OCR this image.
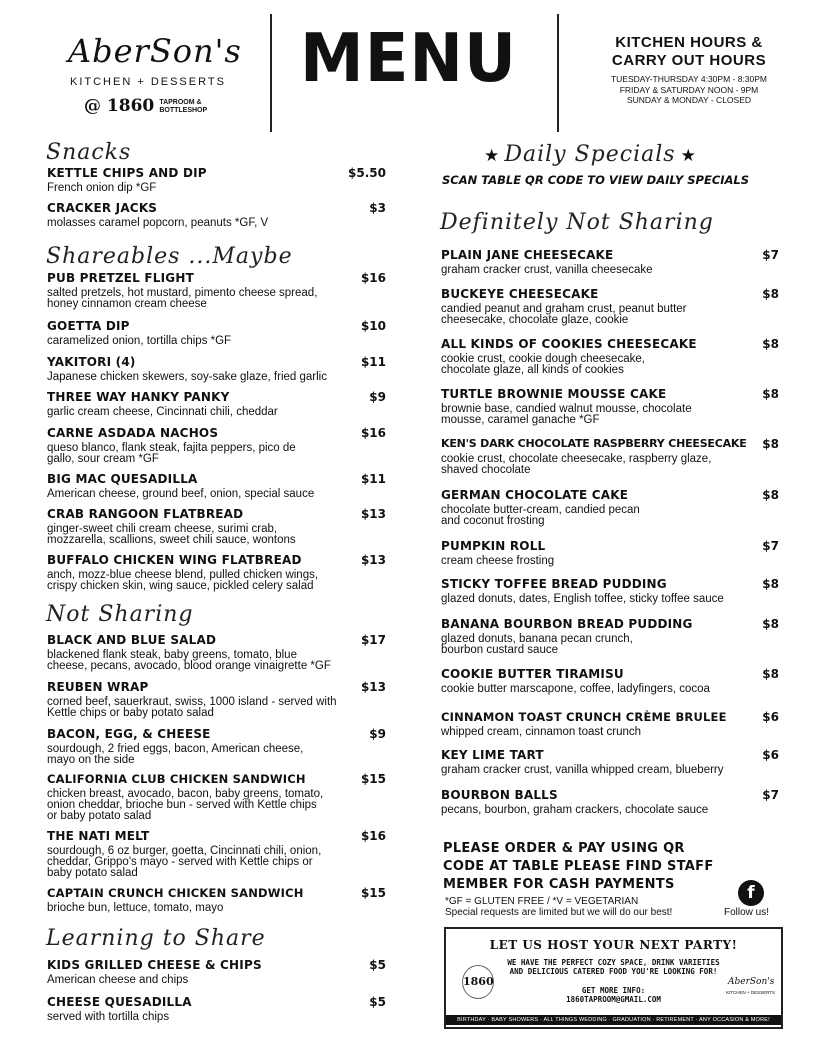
AberSon's
KITCHEN + DESSERTS
@ 1860 TAPROOM &
BOTTLESHOP
MENU	KITCHEN HOURS &
CARRY OUT HOURS
TUESDAY-THURSDAY 4:30PM - 8:30PM
FRIDAY & SATURDAY NOON - 9PM
SUNDAY & MONDAY - CLOSED
Snacks
Shareables ...Maybe
Not Sharing
Learning to Share
★ Daily Specials ★
SCAN TABLE QR CODE TO VIEW DAILY SPECIALS
Definitely Not Sharing
KETTLE CHIPS AND DIP	$5.50
French onion dip *GF
CRACKER JACKS	$3
molasses caramel popcorn, peanuts *GF, V
PUB PRETZEL FLIGHT	$16
salted pretzels, hot mustard, pimento cheese spread,
honey cinnamon cream cheese
GOETTA DIP	$10
caramelized onion, tortilla chips *GF
YAKITORI (4)	$11
Japanese chicken skewers, soy-sake glaze, fried garlic
THREE WAY HANKY PANKY	$9
garlic cream cheese, Cincinnati chili, cheddar
CARNE ASDADA NACHOS	$16
queso blanco, flank steak, fajita peppers, pico de
gallo, sour cream *GF
BIG MAC QUESADILLA	$11
American cheese, ground beef, onion, special sauce
CRAB RANGOON FLATBREAD	$13
ginger-sweet chili cream cheese, surimi crab,
mozzarella, scallions, sweet chili sauce, wontons
BUFFALO CHICKEN WING FLATBREAD	$13
anch, mozz-blue cheese blend, pulled chicken wings,
crispy chicken skin, wing sauce, pickled celery salad
BLACK AND BLUE SALAD	$17
blackened flank steak, baby greens, tomato, blue
cheese, pecans, avocado, blood orange vinaigrette *GF
REUBEN WRAP	$13
corned beef, sauerkraut, swiss, 1000 island - served with
Kettle chips or baby potato salad
BACON, EGG, & CHEESE	$9
sourdough, 2 fried eggs, bacon, American cheese,
mayo on the side
CALIFORNIA CLUB CHICKEN SANDWICH	$15
chicken breast, avocado, bacon, baby greens, tomato,
onion cheddar, brioche bun - served with Kettle chips
or baby potato salad
THE NATI MELT	$16
sourdough, 6 oz burger, goetta, Cincinnati chili, onion,
cheddar, Grippo's mayo - served with Kettle chips or
baby potato salad
CAPTAIN CRUNCH CHICKEN SANDWICH	$15
brioche bun, lettuce, tomato, mayo
KIDS GRILLED CHEESE & CHIPS	$5
American cheese and chips
CHEESE QUESADILLA	$5
served with tortilla chips
PLAIN JANE CHEESECAKE	$7
graham cracker crust, vanilla cheesecake
BUCKEYE CHEESECAKE	$8
candied peanut and graham crust, peanut butter
cheesecake, chocolate glaze, cookie
ALL KINDS OF COOKIES CHEESECAKE	$8
cookie crust, cookie dough cheesecake,
chocolate glaze, all kinds of cookies
TURTLE BROWNIE MOUSSE CAKE	$8
brownie base, candied walnut mousse, chocolate
mousse, caramel ganache *GF
KEN'S DARK CHOCOLATE RASPBERRY CHEESECAKE	$8
cookie crust, chocolate cheesecake, raspberry glaze,
shaved chocolate
GERMAN CHOCOLATE CAKE	$8
chocolate butter-cream, candied pecan
and coconut frosting
PUMPKIN ROLL	$7
cream cheese frosting
STICKY TOFFEE BREAD PUDDING	$8
glazed donuts, dates, English toffee, sticky toffee sauce
BANANA BOURBON BREAD PUDDING	$8
glazed donuts, banana pecan crunch,
bourbon custard sauce
COOKIE BUTTER TIRAMISU	$8
cookie butter marscapone, coffee, ladyfingers, cocoa
CINNAMON TOAST CRUNCH CRÈME BRULEE	$6
whipped cream, cinnamon toast crunch
KEY LIME TART	$6
graham cracker crust, vanilla whipped cream, blueberry
BOURBON BALLS	$7
pecans, bourbon, graham crackers, chocolate sauce
PLEASE ORDER & PAY USING QR
CODE AT TABLE PLEASE FIND STAFF
MEMBER FOR CASH PAYMENTS	f
*GF = GLUTEN FREE / *V = VEGETARIAN
Special requests are limited but we will do our best!	Follow us!
LET US HOST YOUR NEXT PARTY!
WE HAVE THE PERFECT COZY SPACE, DRINK VARIETIES
AND DELICIOUS CATERED FOOD YOU'RE LOOKING FOR!
1860
GET MORE INFO:
1860TAPROOM@GMAIL.COM
AberSon's
KITCHEN + DESSERTS
BIRTHDAY · BABY SHOWERS · ALL THINGS WEDDING · GRADUATION · RETIREMENT · ANY OCCASION & MORE!
